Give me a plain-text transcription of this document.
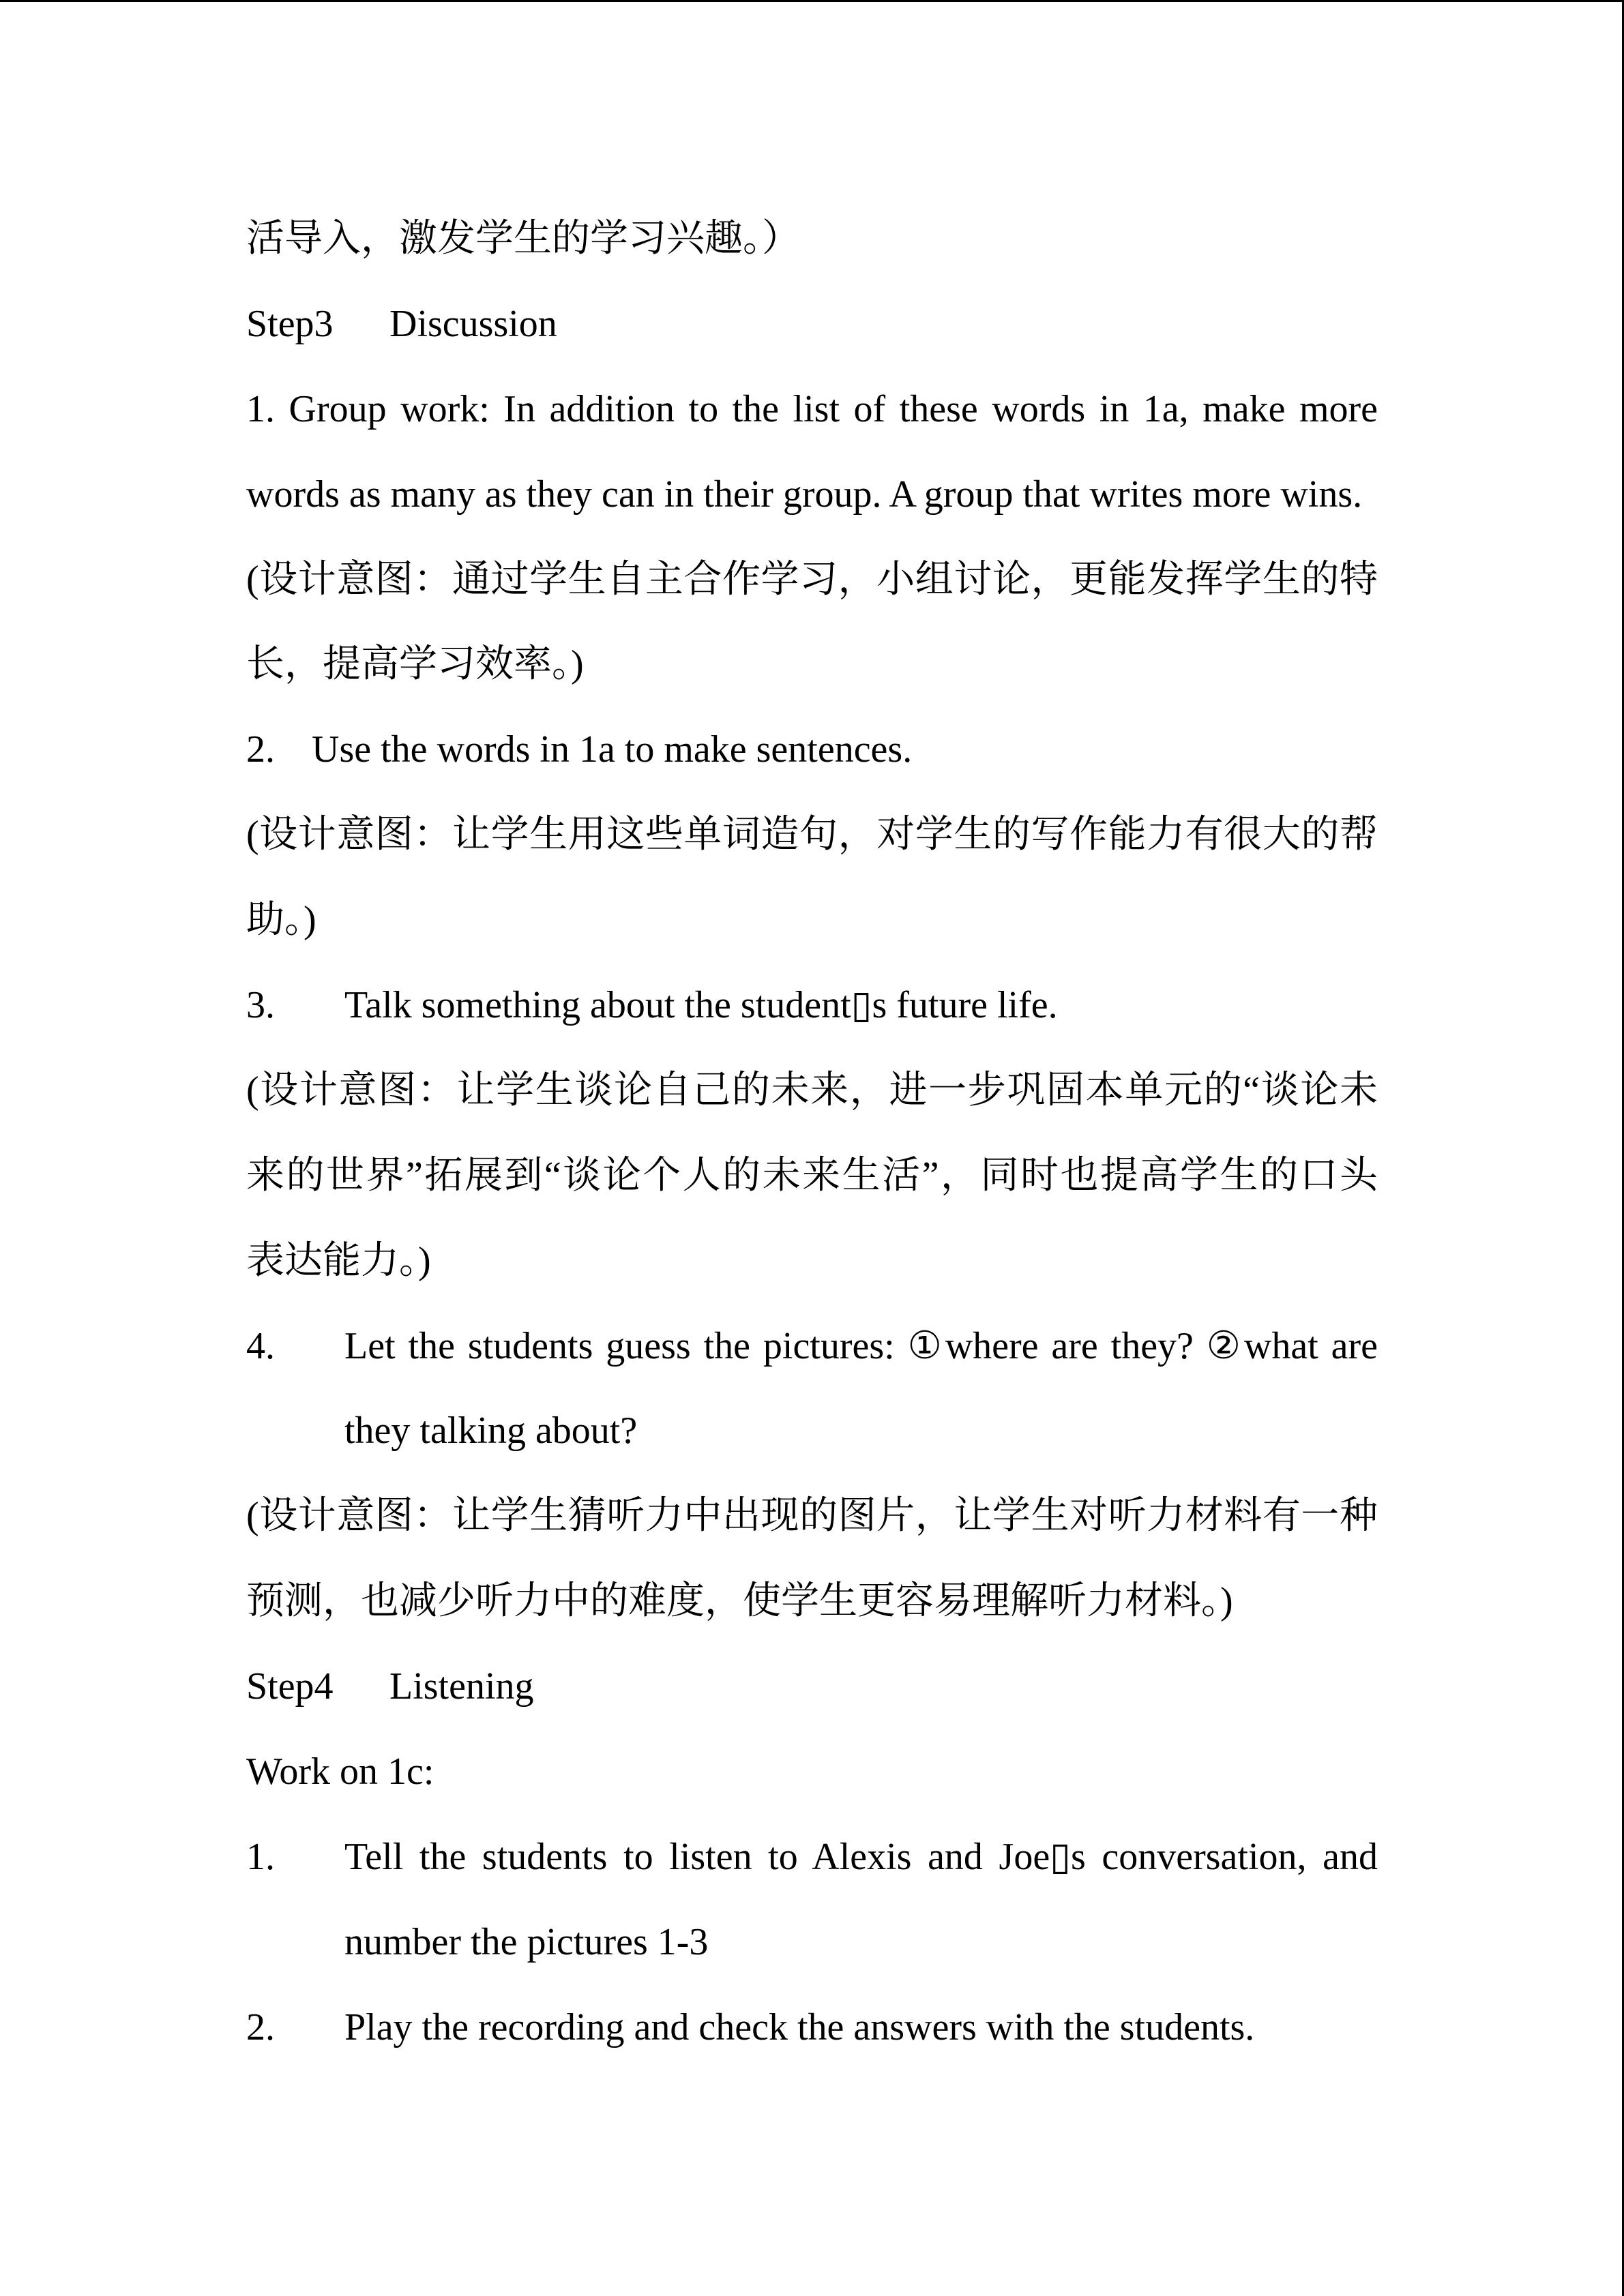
活导入，激发学生的学习兴趣。）
Step3 Discussion
1. Group work: In addition to the list of these words in 1a, make more
words as many as they can in their group. A group that writes more wins.
(设计意图：通过学生自主合作学习，小组讨论，更能发挥学生的特
长，提高学习效率。)
2. Use the words in 1a to make sentences.
(设计意图：让学生用这些单词造句，对学生的写作能力有很大的帮
助。)
3. Talk something about the student▯s future life.
(设计意图：让学生谈论自己的未来，进一步巩固本单元的“谈论未
来的世界”拓展到“谈论个人的未来生活”，同时也提高学生的口头
表达能力。)
4. Let the students guess the pictures: ①where are they? ②what are
they talking about?
(设计意图：让学生猜听力中出现的图片，让学生对听力材料有一种
预测，也减少听力中的难度，使学生更容易理解听力材料。)
Step4 Listening
Work on 1c:
1. Tell the students to listen to Alexis and Joe▯s conversation, and
number the pictures 1-3
2. Play the recording and check the answers with the students.
